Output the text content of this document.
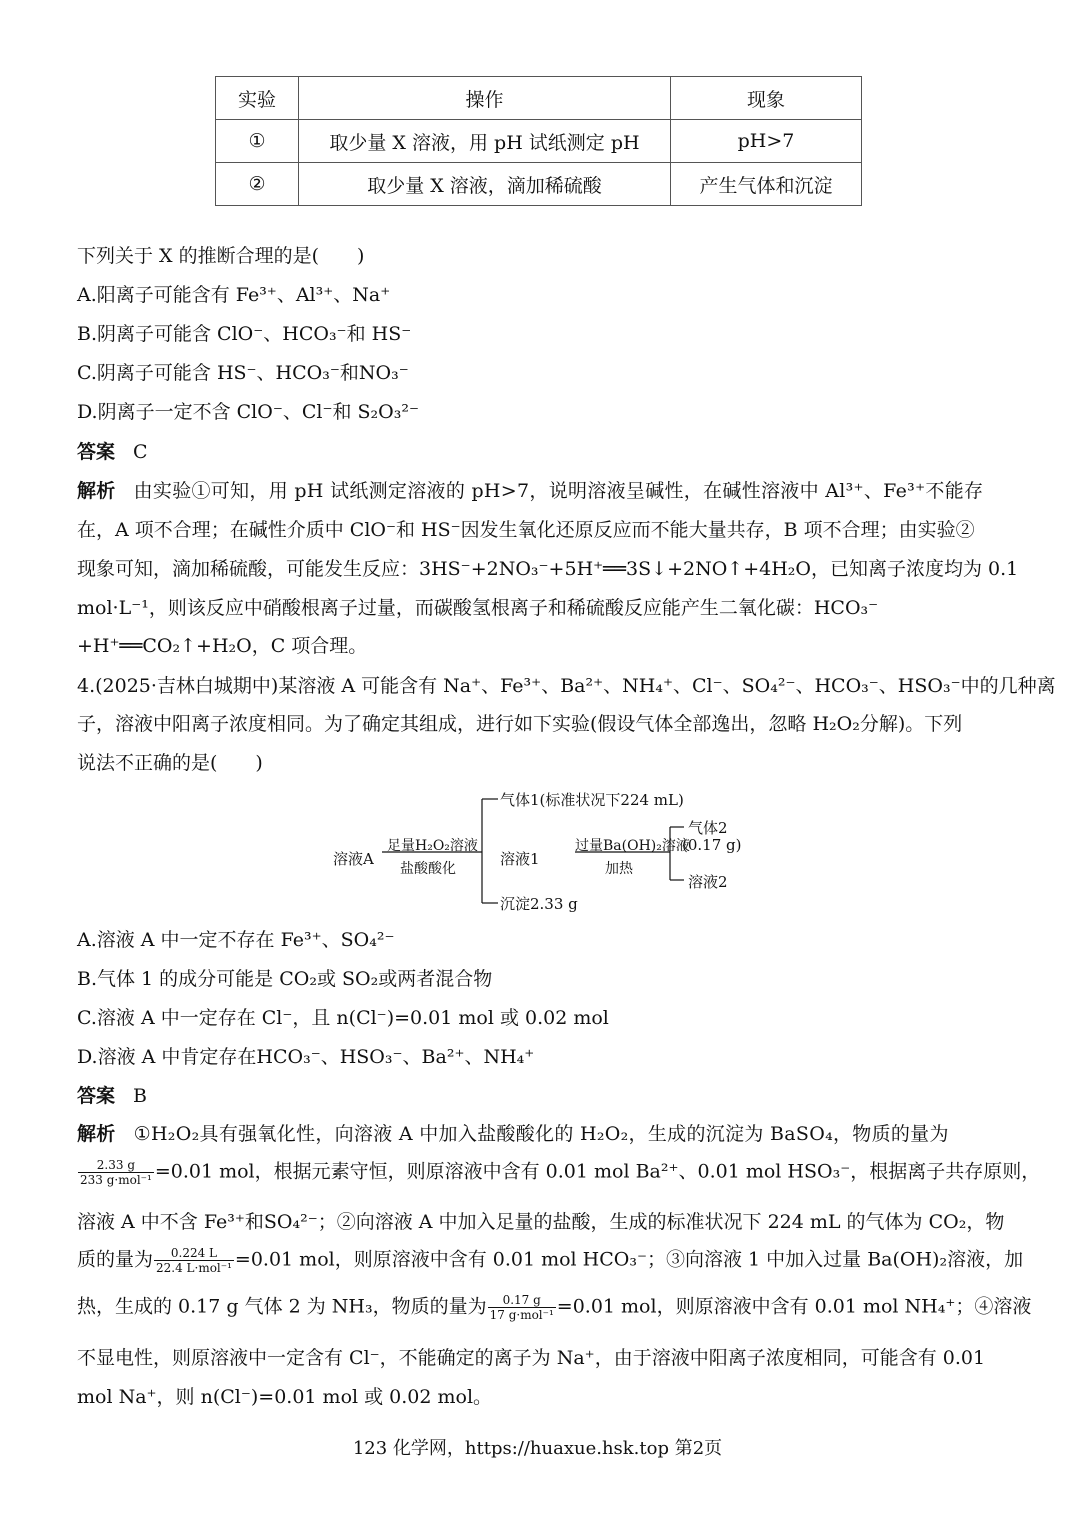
实验	操作	现象
①	取少量 X 溶液，用 pH 试纸测定 pH	pH>7
②	取少量 X 溶液，滴加稀硫酸	产生气体和沉淀
下列关于 X 的推断合理的是(　　)
A.阳离子可能含有 Fe³⁺、Al³⁺、Na⁺
B.阴离子可能含 ClO⁻、HCO₃⁻和 HS⁻
C.阴离子可能含 HS⁻、HCO₃⁻和NO₃⁻
D.阴离子一定不含 ClO⁻、Cl⁻和 S₂O₃²⁻
答案 C
解析 由实验①可知，用 pH 试纸测定溶液的 pH>7，说明溶液呈碱性，在碱性溶液中 Al³⁺、Fe³⁺不能存
在，A 项不合理；在碱性介质中 ClO⁻和 HS⁻因发生氧化还原反应而不能大量共存，B 项不合理；由实验②
现象可知，滴加稀硫酸，可能发生反应：3HS⁻+2NO₃⁻+5H⁺══3S↓+2NO↑+4H₂O，已知离子浓度均为 0.1
mol·L⁻¹，则该反应中硝酸根离子过量，而碳酸氢根离子和稀硫酸反应能产生二氧化碳：HCO₃⁻
+H⁺══CO₂↑+H₂O，C 项合理。
4.(2025·吉林白城期中)某溶液 A 可能含有 Na⁺、Fe³⁺、Ba²⁺、NH₄⁺、Cl⁻、SO₄²⁻、HCO₃⁻、HSO₃⁻中的几种离
子，溶液中阳离子浓度相同。为了确定其组成，进行如下实验(假设气体全部逸出，忽略 H₂O₂分解)。下列
说法不正确的是(　　)
溶液A
足量H₂O₂溶液
盐酸酸化
气体1(标准状况下224 mL)
溶液1
沉淀2.33 g
过量Ba(OH)₂溶液
加热
气体2
(0.17 g)
溶液2
A.溶液 A 中一定不存在 Fe³⁺、SO₄²⁻
B.气体 1 的成分可能是 CO₂或 SO₂或两者混合物
C.溶液 A 中一定存在 Cl⁻，且 n(Cl⁻)=0.01 mol 或 0.02 mol
D.溶液 A 中肯定存在HCO₃⁻、HSO₃⁻、Ba²⁺、NH₄⁺
答案 B
解析 ①H₂O₂具有强氧化性，向溶液 A 中加入盐酸酸化的 H₂O₂，生成的沉淀为 BaSO₄，物质的量为
$\frac{2.33 g}{\text{233 g·mol⁻¹}} =0.01$ mol，根据元素守恒，则原溶液中含有 0.01 mol Ba²⁺、0.01 mol HSO₃⁻，根据离子共存原则，
溶液 A 中不含 Fe³⁺和SO₄²⁻；②向溶液 A 中加入足量的盐酸，生成的标准状况下 224 mL 的气体为 CO₂，物
质的量为 $\frac{0.224 L}{\text{22.4 L·mol⁻¹}} =0.01$ mol，则原溶液中含有 0.01 mol HCO₃⁻；③向溶液 1 中加入过量 Ba(OH)₂溶液，加
热，生成的 0.17 g 气体 2 为 NH₃，物质的量为 $\frac{0.17 g}{\text{17 g·mol⁻¹}} =0.01$ mol，则原溶液中含有 0.01 mol NH₄⁺；④溶液
不显电性，则原溶液中一定含有 Cl⁻，不能确定的离子为 Na⁺，由于溶液中阳离子浓度相同，可能含有 0.01
mol Na⁺，则 n(Cl⁻)=0.01 mol 或 0.02 mol。
123 化学网，https://huaxue.hsk.top 第2页
